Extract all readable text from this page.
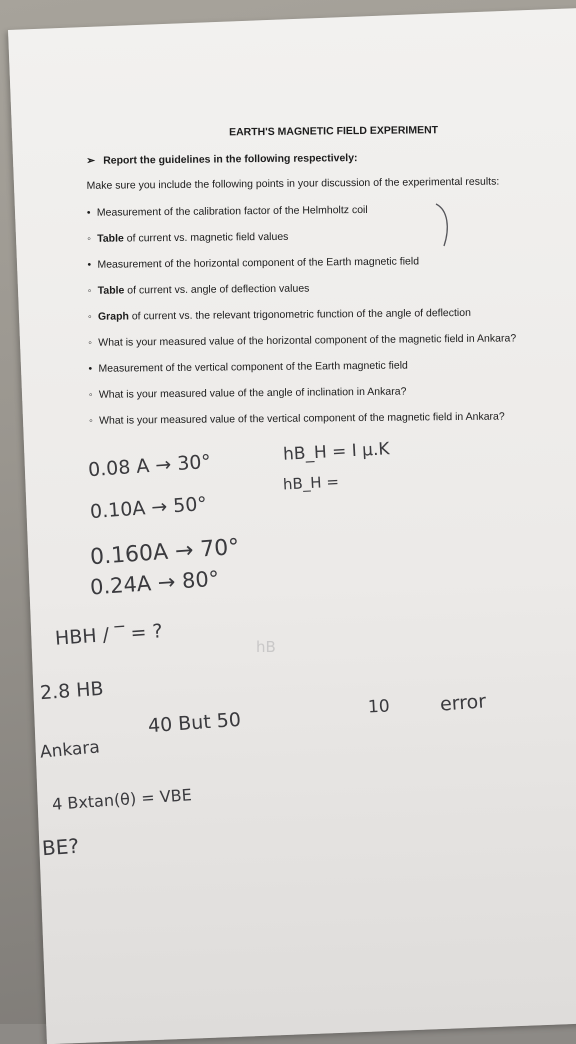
EARTH'S MAGNETIC FIELD EXPERIMENT
➢ Report the guidelines in the following respectively:
Make sure you include the following points in your discussion of the experimental results:
• Measurement of the calibration factor of the Helmholtz coil
◦ Table of current vs. magnetic field values
• Measurement of the horizontal component of the Earth magnetic field
◦ Table of current vs. angle of deflection values
◦ Graph of current vs. the relevant trigonometric function of the angle of deflection
◦ What is your measured value of the horizontal component of the magnetic field in Ankara?
• Measurement of the vertical component of the Earth magnetic field
◦ What is your measured value of the angle of inclination in Ankara?
◦ What is your measured value of the vertical component of the magnetic field in Ankara?
0.08 A → 30°
0.10A → 50°
0.160A → 70°
0.24A → 80°
hB_H = I μ.K
hB_H =
HBH / ‾ = ?	hB
2.8 HB
40 But 50
10	error
Ankara
4 Bxtan(θ) = VBE
BE?
